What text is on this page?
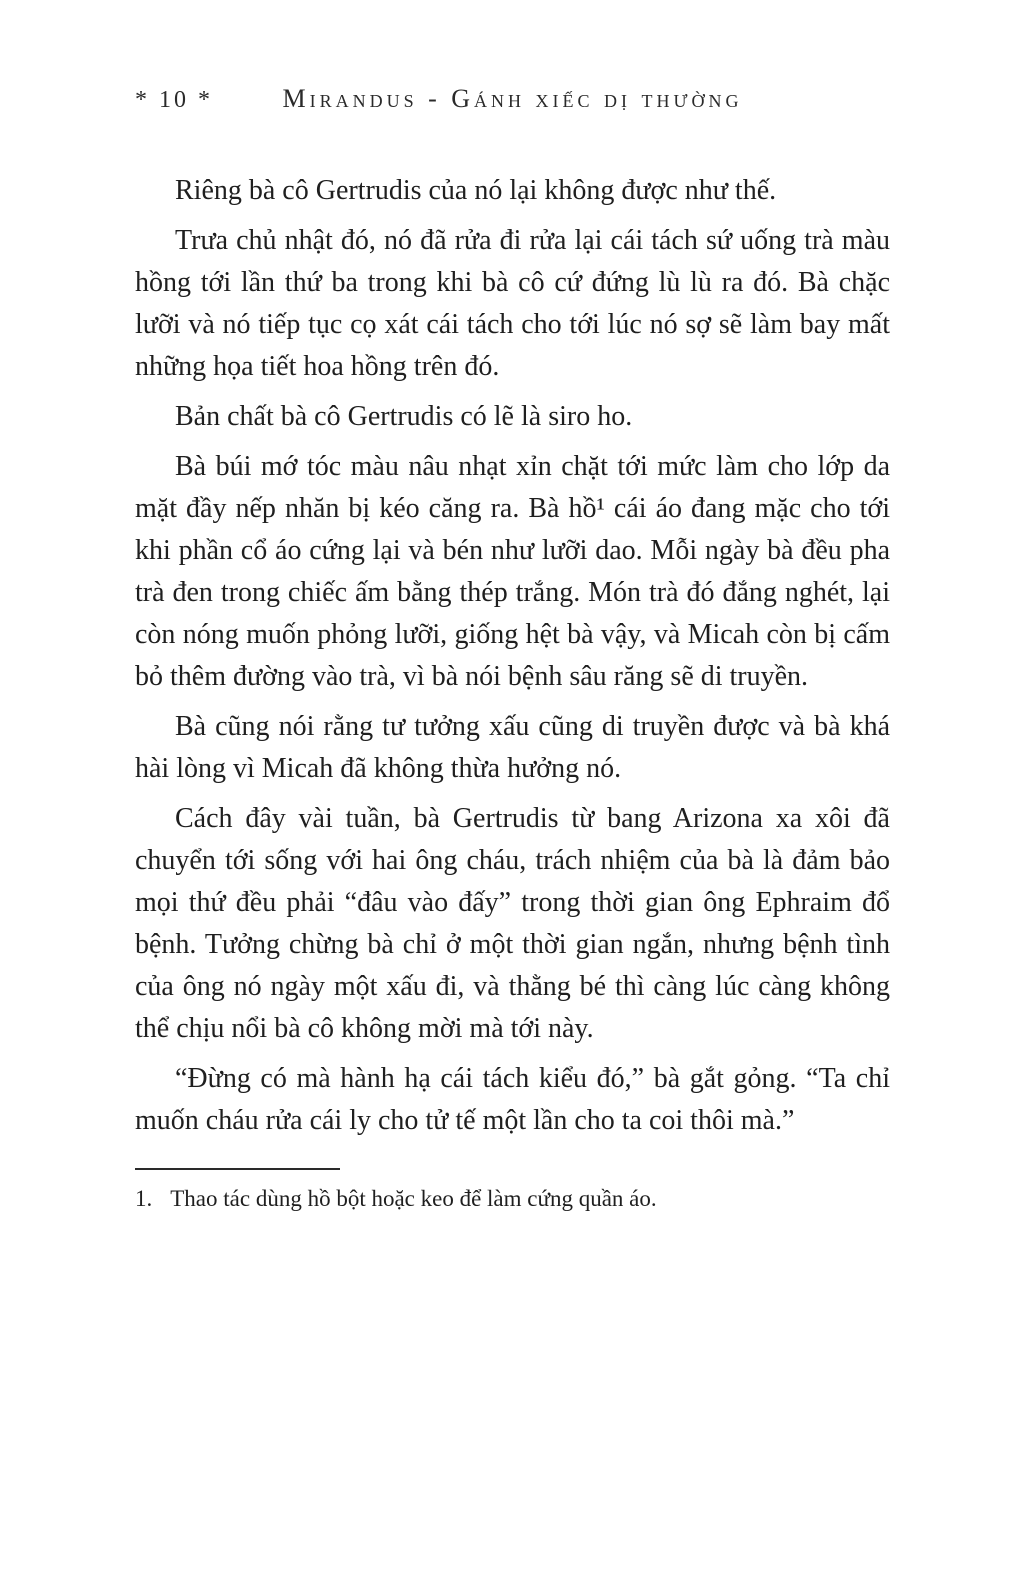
* 10 *	Mirandus - Gánh xiếc dị thường

Riêng bà cô Gertrudis của nó lại không được như thế.

Trưa chủ nhật đó, nó đã rửa đi rửa lại cái tách sứ uống trà màu hồng tới lần thứ ba trong khi bà cô cứ đứng lù lù ra đó. Bà chặc lưỡi và nó tiếp tục cọ xát cái tách cho tới lúc nó sợ sẽ làm bay mất những họa tiết hoa hồng trên đó.

Bản chất bà cô Gertrudis có lẽ là siro ho.

Bà búi mớ tóc màu nâu nhạt xỉn chặt tới mức làm cho lớp da mặt đầy nếp nhăn bị kéo căng ra. Bà hồ¹ cái áo đang mặc cho tới khi phần cổ áo cứng lại và bén như lưỡi dao. Mỗi ngày bà đều pha trà đen trong chiếc ấm bằng thép trắng. Món trà đó đắng nghét, lại còn nóng muốn phỏng lưỡi, giống hệt bà vậy, và Micah còn bị cấm bỏ thêm đường vào trà, vì bà nói bệnh sâu răng sẽ di truyền.

Bà cũng nói rằng tư tưởng xấu cũng di truyền được và bà khá hài lòng vì Micah đã không thừa hưởng nó.

Cách đây vài tuần, bà Gertrudis từ bang Arizona xa xôi đã chuyển tới sống với hai ông cháu, trách nhiệm của bà là đảm bảo mọi thứ đều phải “đâu vào đấy” trong thời gian ông Ephraim đổ bệnh. Tưởng chừng bà chỉ ở một thời gian ngắn, nhưng bệnh tình của ông nó ngày một xấu đi, và thằng bé thì càng lúc càng không thể chịu nổi bà cô không mời mà tới này.

“Đừng có mà hành hạ cái tách kiểu đó,” bà gắt gỏng. “Ta chỉ muốn cháu rửa cái ly cho tử tế một lần cho ta coi thôi mà.”

1. Thao tác dùng hồ bột hoặc keo để làm cứng quần áo.
